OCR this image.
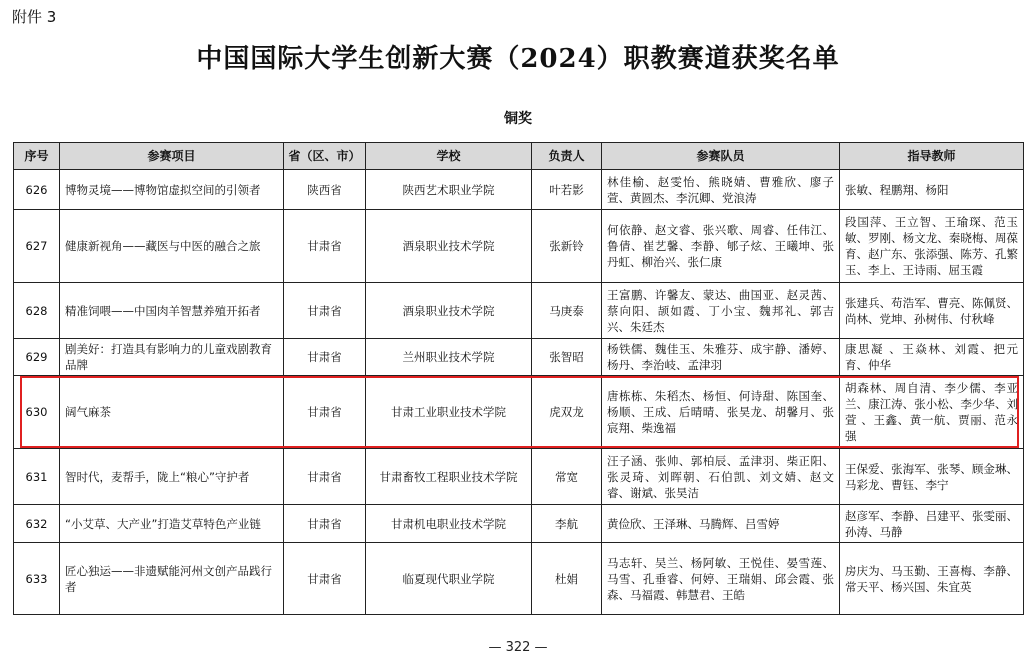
附件 3
中国国际大学生创新大赛（2024）职教赛道获奖名单
铜奖
序号	参赛项目	省（区、市）	学校	负责人	参赛队员	指导教师
626	博物灵境——博物馆虚拟空间的引领者	陕西省	陕西艺术职业学院	叶若影	林佳榆、赵雯怡、熊晓婧、曹雅欣、廖子萱、黄圆杰、李沉卿、党浪涛	张敏、程鹏翔、杨阳
627	健康新视角——藏医与中医的融合之旅	甘肃省	酒泉职业技术学院	张新铃	何依静、赵文睿、张兴歌、周睿、任伟江、鲁倩、崔艺馨、李静、郇子炫、王曦坤、张丹虹、柳治兴、张仁康	段国萍、王立智、王瑜琛、范玉敏、罗刚、杨文龙、秦晓梅、周葆育、赵广东、张添强、陈芳、孔繁玉、李上、王诗雨、屈玉霞
628	精准饲喂——中国肉羊智慧养殖开拓者	甘肃省	酒泉职业技术学院	马庚泰	王富鹏、许馨友、蒙达、曲国亚、赵灵茜、蔡向阳、颉如霞、丁小宝、魏邦礼、郭吉兴、朱廷杰	张建兵、苟浩军、曹亮、陈佩贤、尚林、党坤、孙树伟、付秋峰
629	剧美好：打造具有影响力的儿童戏剧教育品牌	甘肃省	兰州职业技术学院	张智昭	杨铁儒、魏佳玉、朱雅芬、成宇静、潘婷、杨丹、李治岐、孟津羽	康思凝 、王焱林、刘霞、把元育、仲华
630	阔气麻茶	甘肃省	甘肃工业职业技术学院	虎双龙	唐栋栋、朱稻杰、杨恒、何诗甜、陈国奎、杨顺、王成、后晴晴、张昊龙、胡馨月、张宸翔、柴逸福	胡森林、周自清、李少儒、李亚兰、康江涛、张小松、李少华、刘萱 、王鑫、黄一航、贾丽、范永强
631	智时代，麦帮手，陇上“粮心”守护者	甘肃省	甘肃畜牧工程职业技术学院	常宽	汪子涵、张帅、郭柏辰、孟津羽、柴正阳、张灵琦、刘晖朝、石伯凯、刘文婧、赵文睿、谢斌、张昊洁	王保爱、张海军、张琴、顾金琳、马彩龙、曹钰、李宁
632	“小艾草、大产业”打造艾草特色产业链	甘肃省	甘肃机电职业技术学院	李航	黄俭欣、王泽琳、马腾辉、吕雪婷	赵彦军、李静、吕建平、张雯丽、孙涛、马静
633	匠心独运——非遗赋能河州文创产品践行者	甘肃省	临夏现代职业学院	杜娟	马志轩、吴兰、杨阿敏、王悦佳、晏雪莲、马雪、孔垂睿、何婷、王瑞娟、邱会霞、张森、马福霞、韩慧君、王皓	房庆为、马玉勤、王喜梅、李静、常天平、杨兴国、朱宜英
— 322 —
